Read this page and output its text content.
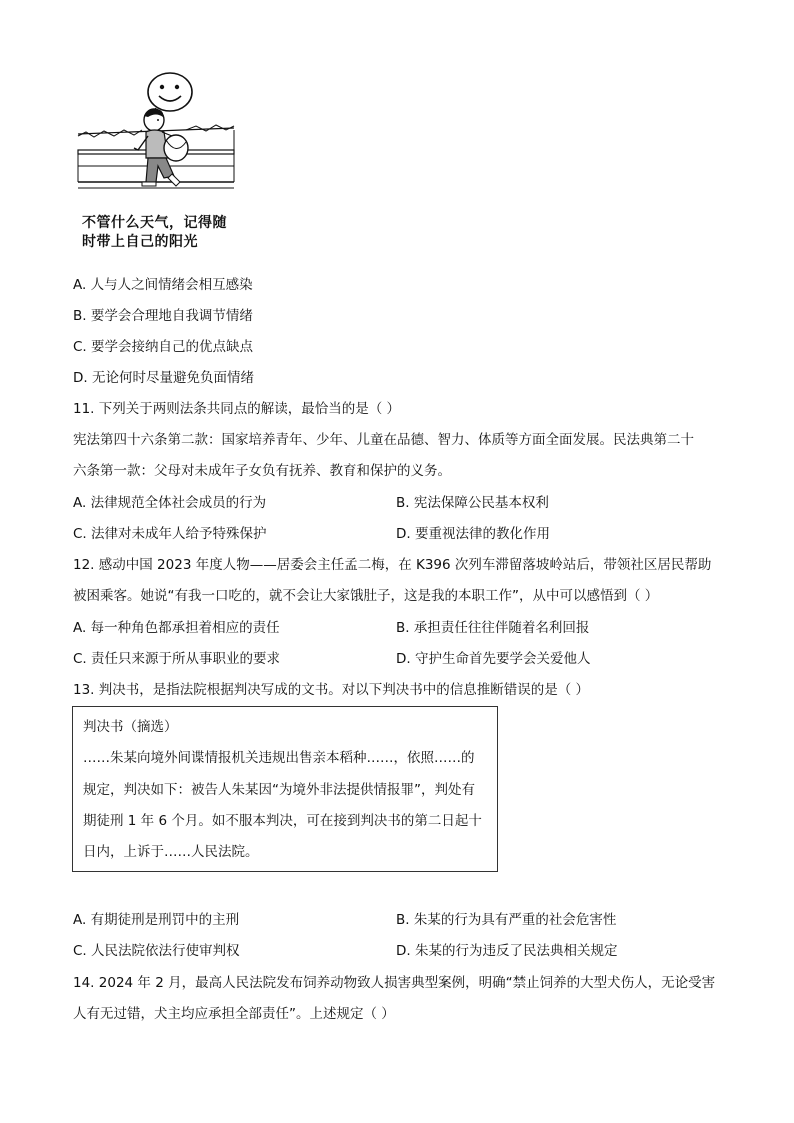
不管什么天气，记得随
时带上自己的阳光
A. 人与人之间情绪会相互感染
B. 要学会合理地自我调节情绪
C. 要学会接纳自己的优点缺点
D. 无论何时尽量避免负面情绪
11. 下列关于两则法条共同点的解读，最恰当的是（ ）
宪法第四十六条第二款：国家培养青年、少年、儿童在品德、智力、体质等方面全面发展。民法典第二十
六条第一款：父母对未成年子女负有抚养、教育和保护的义务。
A. 法律规范全体社会成员的行为	B. 宪法保障公民基本权利
C. 法律对未成年人给予特殊保护	D. 要重视法律的教化作用
12. 感动中国 2023 年度人物——居委会主任孟二梅，在 K396 次列车滞留落坡岭站后，带领社区居民帮助
被困乘客。她说“有我一口吃的，就不会让大家饿肚子，这是我的本职工作”，从中可以感悟到（ ）
A. 每一种角色都承担着相应的责任	B. 承担责任往往伴随着名利回报
C. 责任只来源于所从事职业的要求	D. 守护生命首先要学会关爱他人
13. 判决书，是指法院根据判决写成的文书。对以下判决书中的信息推断错误的是（ ）
判决书（摘选）
……朱某向境外间谍情报机关违规出售亲本稻种……，依照……的
规定，判决如下：被告人朱某因“为境外非法提供情报罪”，判处有
期徒刑 1 年 6 个月。如不服本判决，可在接到判决书的第二日起十
日内，上诉于……人民法院。
A. 有期徒刑是刑罚中的主刑	B. 朱某的行为具有严重的社会危害性
C. 人民法院依法行使审判权	D. 朱某的行为违反了民法典相关规定
14. 2024 年 2 月，最高人民法院发布饲养动物致人损害典型案例，明确“禁止饲养的大型犬伤人，无论受害
人有无过错，犬主均应承担全部责任”。上述规定（ ）
